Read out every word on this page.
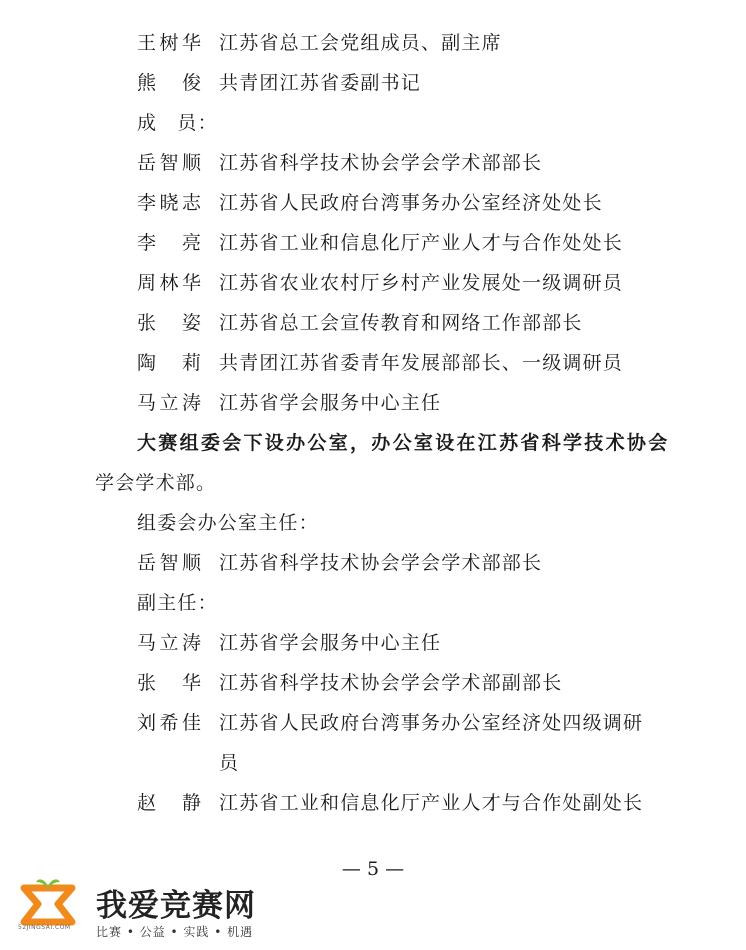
王 树 华 江苏省总工会党组成员、副主席
熊 俊 共青团江苏省委副书记
成　员：
岳 智 顺 江苏省科学技术协会学会学术部部长
李 晓 志 江苏省人民政府台湾事务办公室经济处处长
李 亮 江苏省工业和信息化厅产业人才与合作处处长
周 林 华 江苏省农业农村厅乡村产业发展处一级调研员
张 姿 江苏省总工会宣传教育和网络工作部部长
陶 莉 共青团江苏省委青年发展部部长、一级调研员
马 立 涛 江苏省学会服务中心主任
大赛组委会下设办公室，办公室设在江苏省科学技术协会
学会学术部。
组委会办公室主任：
岳 智 顺 江苏省科学技术协会学会学术部部长
副主任：
马 立 涛 江苏省学会服务中心主任
张 华 江苏省科学技术协会学会学术部副部长
刘 希 佳 江苏省人民政府台湾事务办公室经济处四级调研
员
赵 静 江苏省工业和信息化厅产业人才与合作处副处长
— 5 —
我爱竞赛网
52JINGSAI.COM 比赛 • 公益 • 实践 • 机遇
